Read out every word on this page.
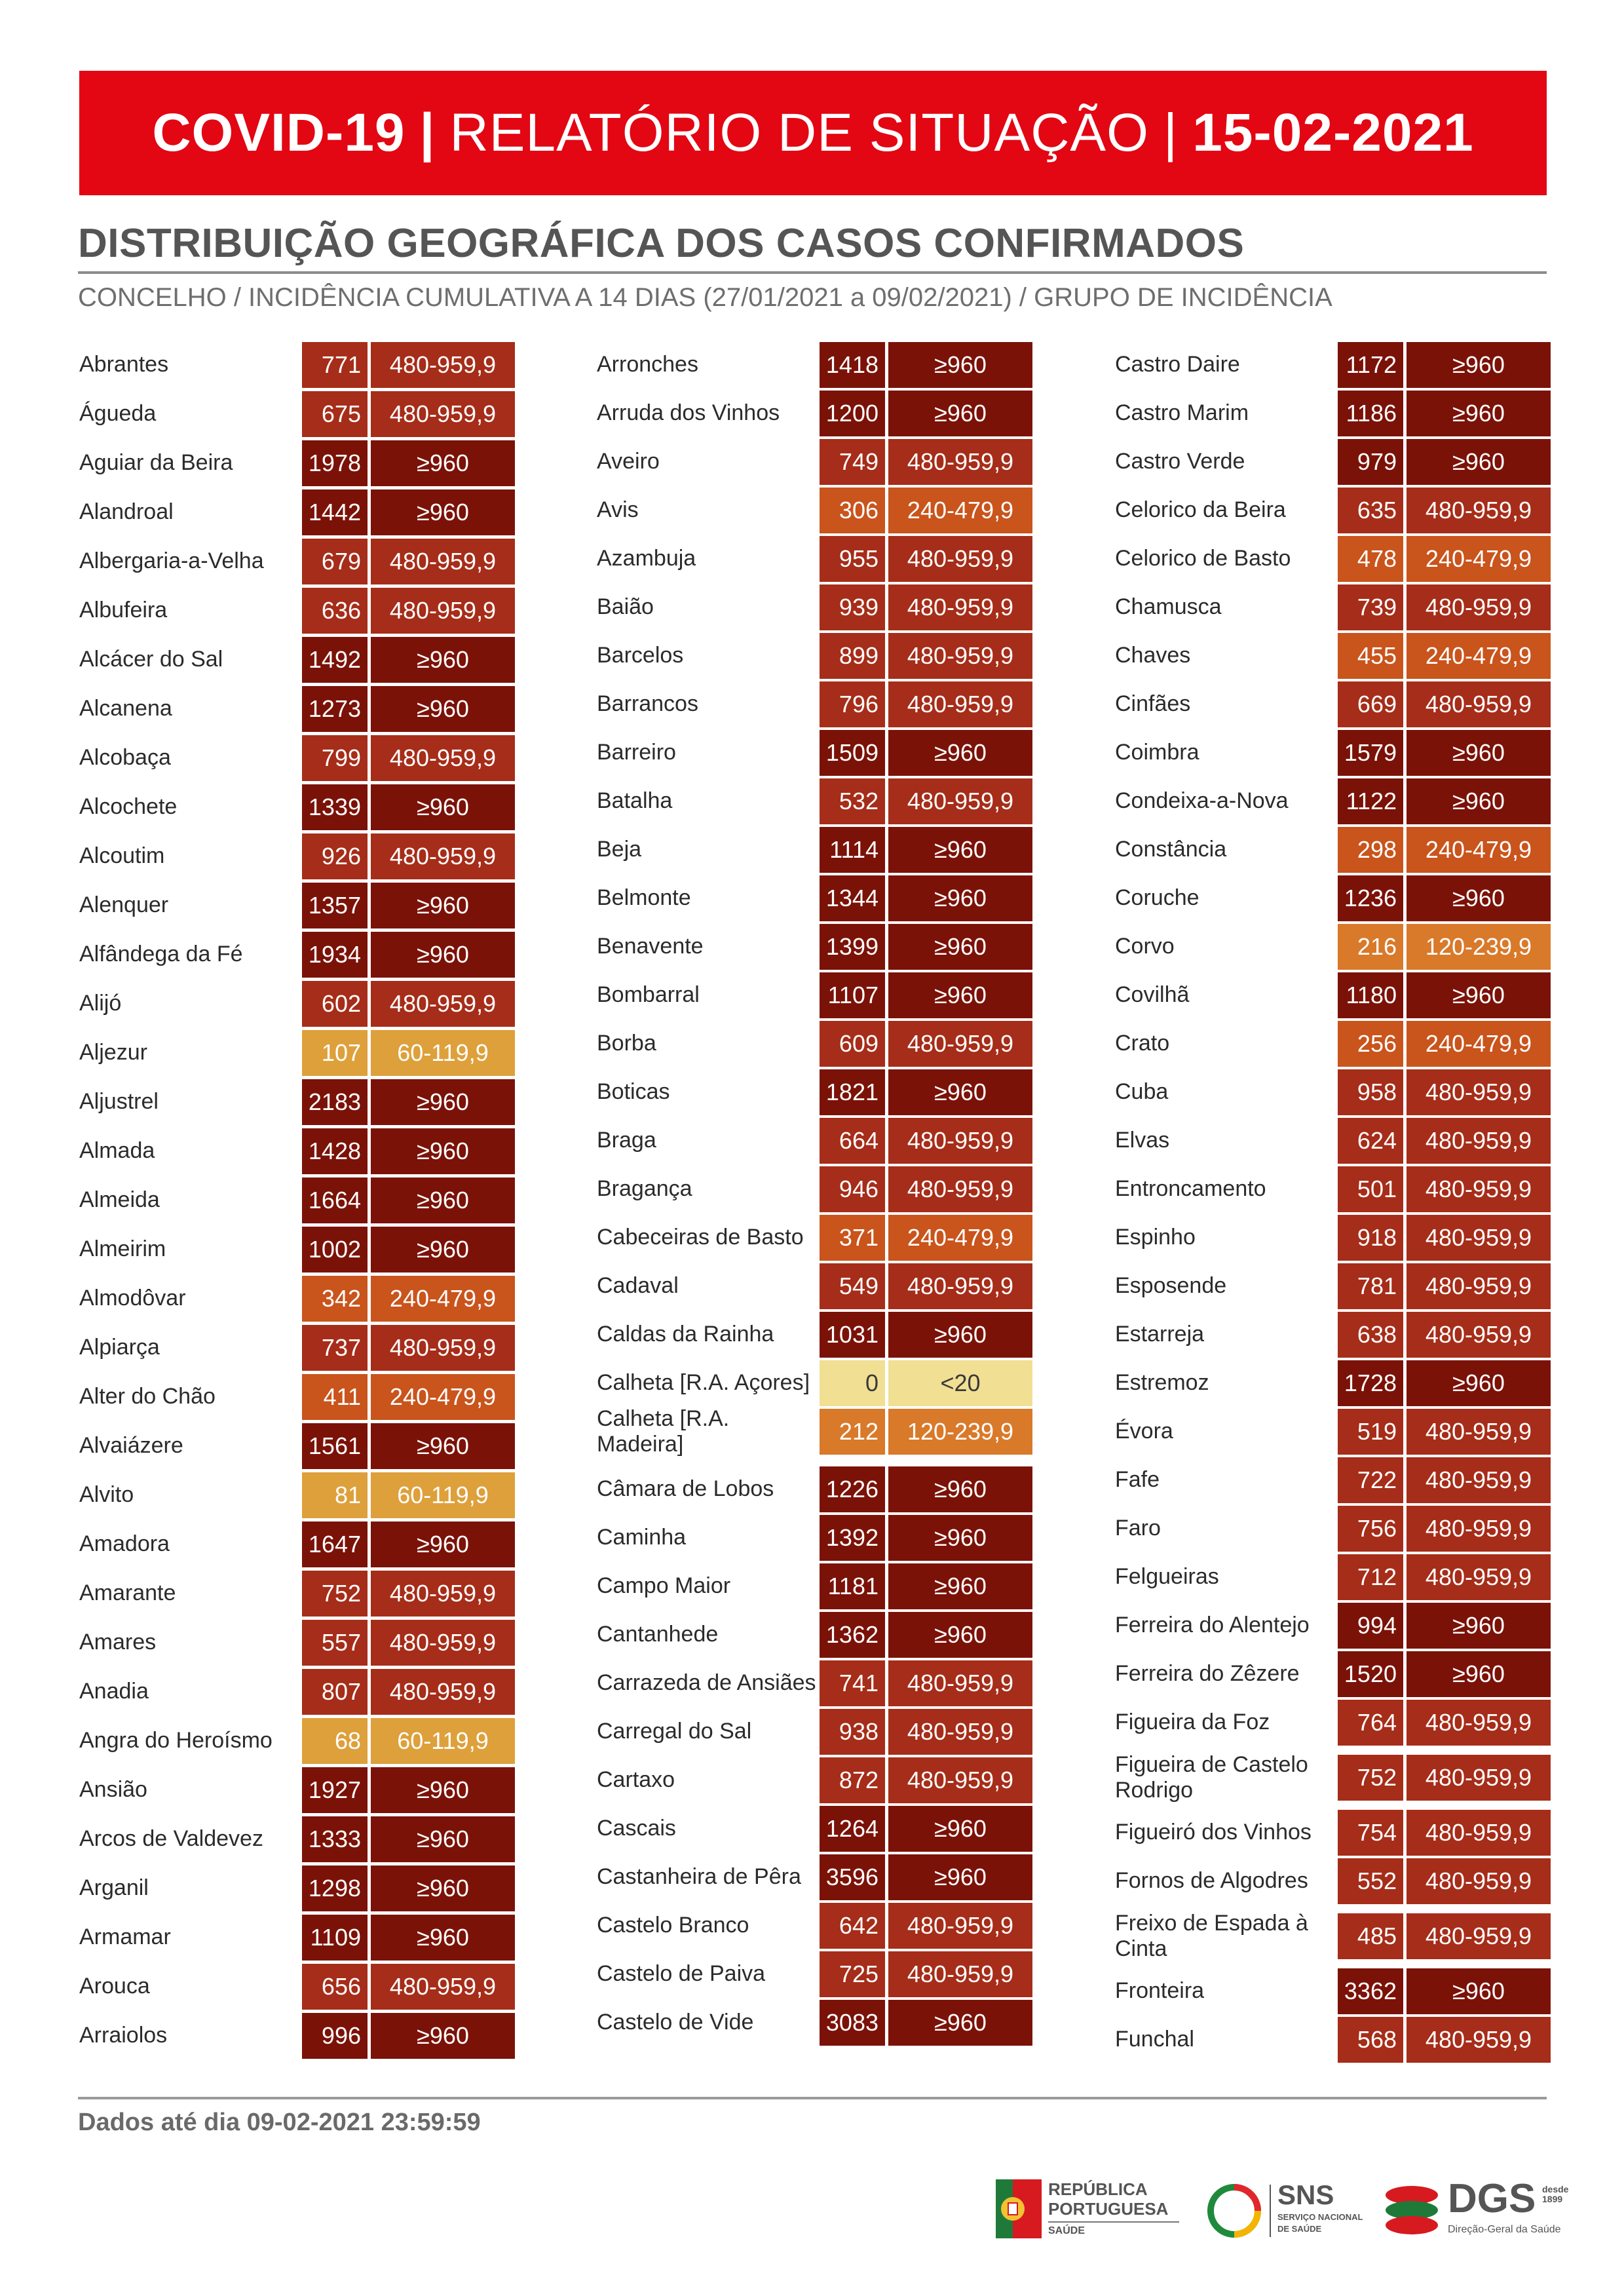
COVID-19 | RELATÓRIO DE SITUAÇÃO | 15-02-2021
DISTRIBUIÇÃO GEOGRÁFICA DOS CASOS CONFIRMADOS
CONCELHO / INCIDÊNCIA CUMULATIVA A 14 DIAS (27/01/2021 a 09/02/2021) / GRUPO DE INCIDÊNCIA
Abrantes	771	480-959,9
Águeda	675	480-959,9
Aguiar da Beira	1978	≥960
Alandroal	1442	≥960
Albergaria-a-Velha	679	480-959,9
Albufeira	636	480-959,9
Alcácer do Sal	1492	≥960
Alcanena	1273	≥960
Alcobaça	799	480-959,9
Alcochete	1339	≥960
Alcoutim	926	480-959,9
Alenquer	1357	≥960
Alfândega da Fé	1934	≥960
Alijó	602	480-959,9
Aljezur	107	60-119,9
Aljustrel	2183	≥960
Almada	1428	≥960
Almeida	1664	≥960
Almeirim	1002	≥960
Almodôvar	342	240-479,9
Alpiarça	737	480-959,9
Alter do Chão	411	240-479,9
Alvaiázere	1561	≥960
Alvito	81	60-119,9
Amadora	1647	≥960
Amarante	752	480-959,9
Amares	557	480-959,9
Anadia	807	480-959,9
Angra do Heroísmo	68	60-119,9
Ansião	1927	≥960
Arcos de Valdevez	1333	≥960
Arganil	1298	≥960
Armamar	1109	≥960
Arouca	656	480-959,9
Arraiolos	996	≥960
Arronches	1418	≥960
Arruda dos Vinhos	1200	≥960
Aveiro	749	480-959,9
Avis	306	240-479,9
Azambuja	955	480-959,9
Baião	939	480-959,9
Barcelos	899	480-959,9
Barrancos	796	480-959,9
Barreiro	1509	≥960
Batalha	532	480-959,9
Beja	1114	≥960
Belmonte	1344	≥960
Benavente	1399	≥960
Bombarral	1107	≥960
Borba	609	480-959,9
Boticas	1821	≥960
Braga	664	480-959,9
Bragança	946	480-959,9
Cabeceiras de Basto	371	240-479,9
Cadaval	549	480-959,9
Caldas da Rainha	1031	≥960
Calheta [R.A. Açores]	0	<20
Calheta [R.A. Madeira]	212	120-239,9
Câmara de Lobos	1226	≥960
Caminha	1392	≥960
Campo Maior	1181	≥960
Cantanhede	1362	≥960
Carrazeda de Ansiães 741	480-959,9
Carregal do Sal	938	480-959,9
Cartaxo	872	480-959,9
Cascais	1264	≥960
Castanheira de Pêra	3596	≥960
Castelo Branco	642	480-959,9
Castelo de Paiva	725	480-959,9
Castelo de Vide	3083	≥960
Castro Daire	1172	≥960
Castro Marim	1186	≥960
Castro Verde	979	≥960
Celorico da Beira	635	480-959,9
Celorico de Basto	478	240-479,9
Chamusca	739	480-959,9
Chaves	455	240-479,9
Cinfães	669	480-959,9
Coimbra	1579	≥960
Condeixa-a-Nova	1122	≥960
Constância	298	240-479,9
Coruche	1236	≥960
Corvo	216	120-239,9
Covilhã	1180	≥960
Crato	256	240-479,9
Cuba	958	480-959,9
Elvas	624	480-959,9
Entroncamento	501	480-959,9
Espinho	918	480-959,9
Esposende	781	480-959,9
Estarreja	638	480-959,9
Estremoz	1728	≥960
Évora	519	480-959,9
Fafe	722	480-959,9
Faro	756	480-959,9
Felgueiras	712	480-959,9
Ferreira do Alentejo	994	≥960
Ferreira do Zêzere	1520	≥960
Figueira da Foz	764	480-959,9
Figueira de Castelo Rodrigo	752	480-959,9
Figueiró dos Vinhos	754	480-959,9
Fornos de Algodres	552	480-959,9
Freixo de Espada à Cinta	485	480-959,9
Fronteira	3362	≥960
Funchal	568	480-959,9
Dados até dia 09-02-2021 23:59:59
REPÚBLICA
PORTUGUESA
SAÚDE
SNS
SERVIÇO NACIONAL
DE SAÚDE
DGS desde 1899
Direção-Geral da Saúde
